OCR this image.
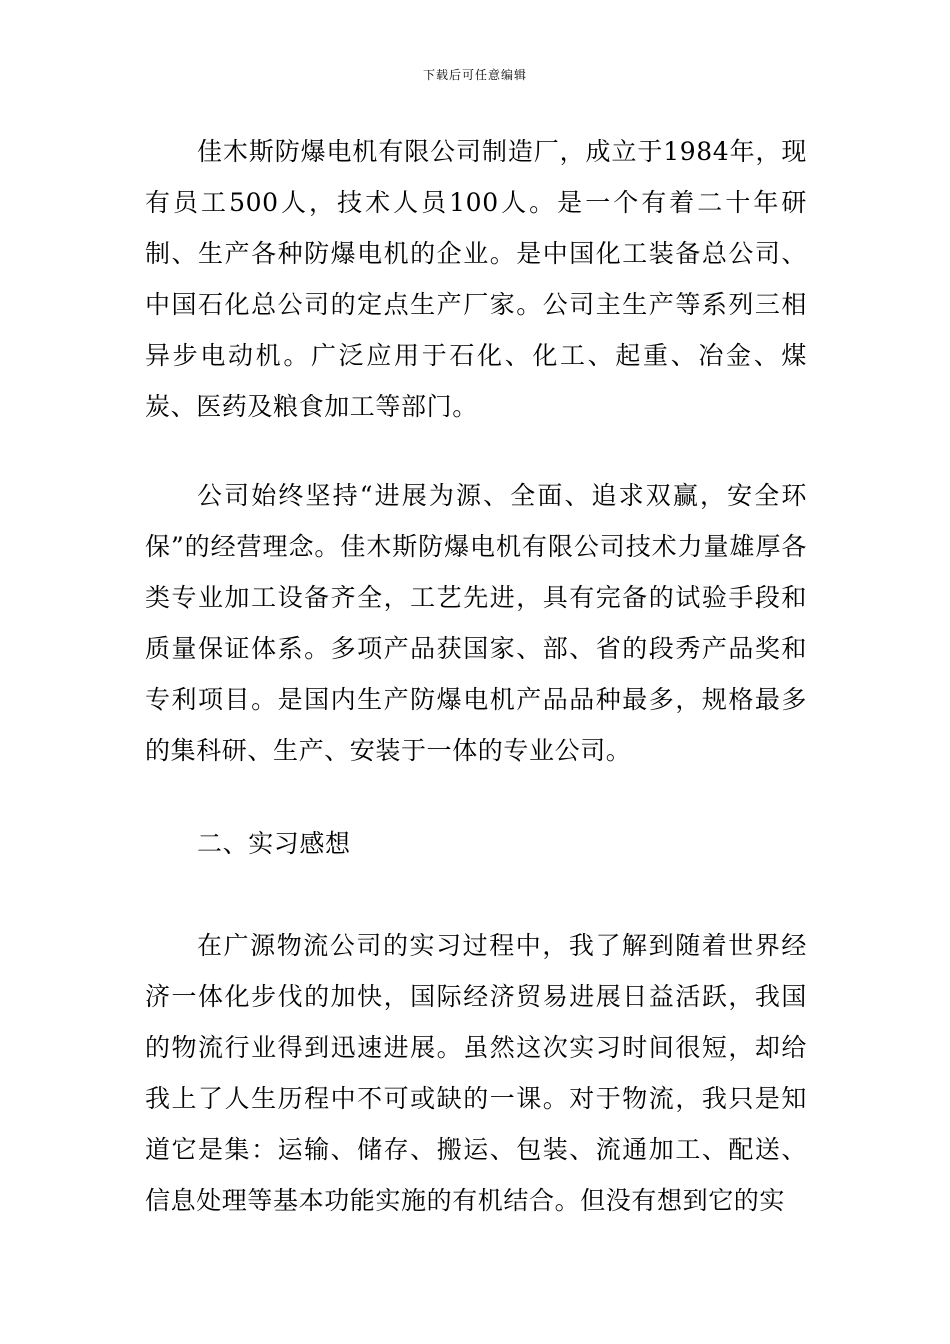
下载后可任意编辑

佳木斯防爆电机有限公司制造厂，成立于1984年，现有员工500人，技术人员100人。是一个有着二十年研制、生产各种防爆电机的企业。是中国化工装备总公司、中国石化总公司的定点生产厂家。公司主生产等系列三相异步电动机。广泛应用于石化、化工、起重、冶金、煤炭、医药及粮食加工等部门。

公司始终坚持“进展为源、全面、追求双赢，安全环保”的经营理念。佳木斯防爆电机有限公司技术力量雄厚各类专业加工设备齐全，工艺先进，具有完备的试验手段和质量保证体系。多项产品获国家、部、省的段秀产品奖和专利项目。是国内生产防爆电机产品品种最多，规格最多的集科研、生产、安装于一体的专业公司。

二、实习感想

在广源物流公司的实习过程中，我了解到随着世界经济一体化步伐的加快，国际经济贸易进展日益活跃，我国的物流行业得到迅速进展。虽然这次实习时间很短，却给我上了人生历程中不可或缺的一课。对于物流，我只是知道它是集：运输、储存、搬运、包装、流通加工、配送、信息处理等基本功能实施的有机结合。但没有想到它的实
